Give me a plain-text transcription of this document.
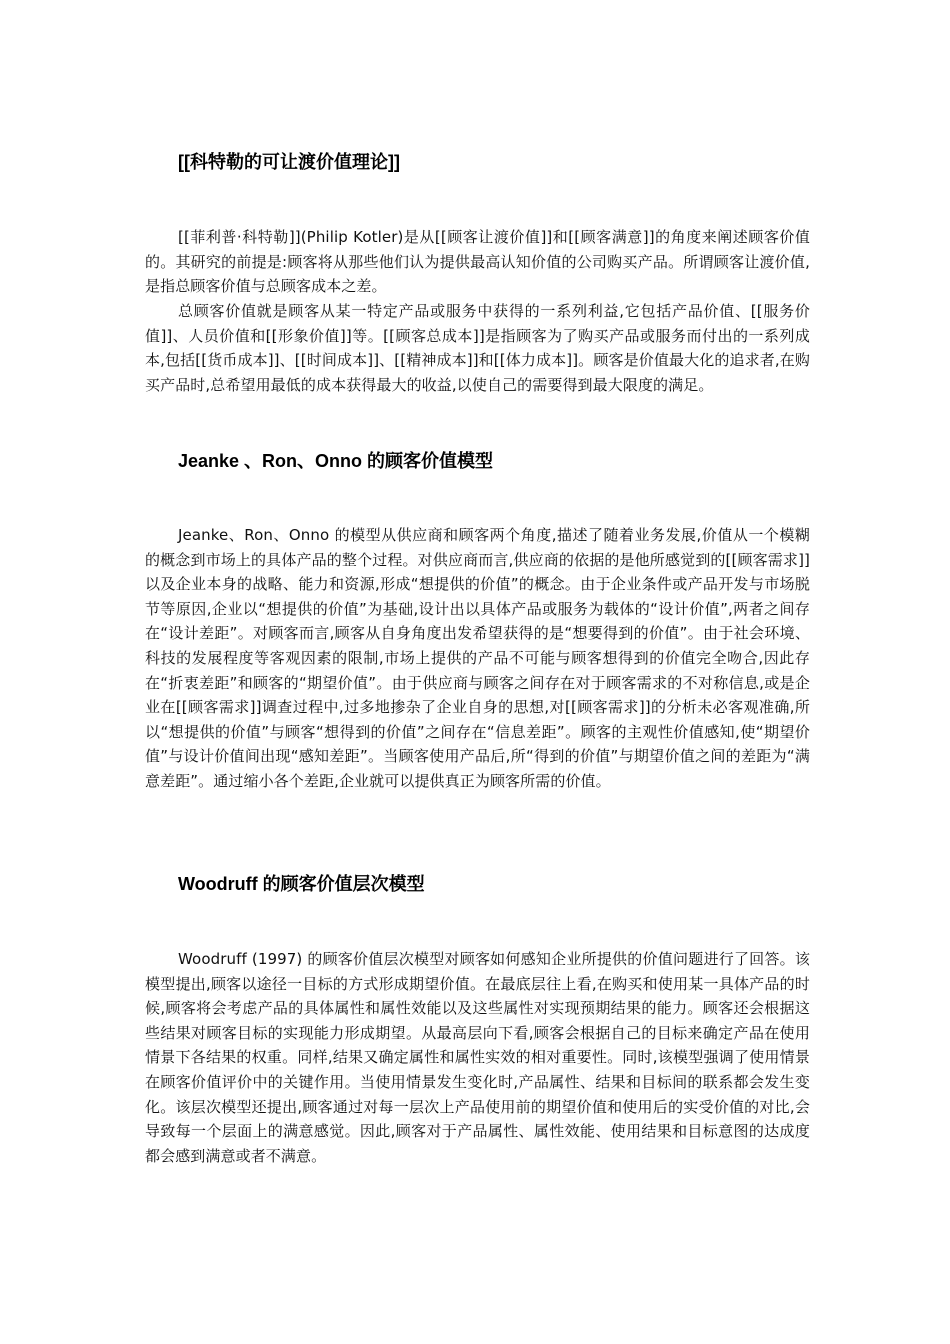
[[科特勒的可让渡价值理论]]

[[菲利普·科特勒]](Philip Kotler)是从[[顾客让渡价值]]和[[顾客满意]]的角度来阐述顾客价值的。其研究的前提是:顾客将从那些他们认为提供最高认知价值的公司购买产品。所谓顾客让渡价值,是指总顾客价值与总顾客成本之差。

总顾客价值就是顾客从某一特定产品或服务中获得的一系列利益,它包括产品价值、[[服务价值]]、人员价值和[[形象价值]]等。[[顾客总成本]]是指顾客为了购买产品或服务而付出的一系列成本,包括[[货币成本]]、[[时间成本]]、[[精神成本]]和[[体力成本]]。顾客是价值最大化的追求者,在购买产品时,总希望用最低的成本获得最大的收益,以使自己的需要得到最大限度的满足。

Jeanke 、Ron、Onno 的顾客价值模型

Jeanke、Ron、Onno 的模型从供应商和顾客两个角度,描述了随着业务发展,价值从一个模糊的概念到市场上的具体产品的整个过程。对供应商而言,供应商的依据的是他所感觉到的[[顾客需求]]以及企业本身的战略、能力和资源,形成“想提供的价值”的概念。由于企业条件或产品开发与市场脱节等原因,企业以“想提供的价值”为基础,设计出以具体产品或服务为载体的“设计价值”,两者之间存在“设计差距”。对顾客而言,顾客从自身角度出发希望获得的是“想要得到的价值”。由于社会环境、科技的发展程度等客观因素的限制,市场上提供的产品不可能与顾客想得到的价值完全吻合,因此存在“折衷差距”和顾客的“期望价值”。由于供应商与顾客之间存在对于顾客需求的不对称信息,或是企业在[[顾客需求]]调查过程中,过多地掺杂了企业自身的思想,对[[顾客需求]]的分析未必客观准确,所以“想提供的价值”与顾客“想得到的价值”之间存在“信息差距”。顾客的主观性价值感知,使“期望价值”与设计价值间出现“感知差距”。当顾客使用产品后,所“得到的价值”与期望价值之间的差距为“满意差距”。通过缩小各个差距,企业就可以提供真正为顾客所需的价值。

Woodruff 的顾客价值层次模型

Woodruff (1997) 的顾客价值层次模型对顾客如何感知企业所提供的价值问题进行了回答。该模型提出,顾客以途径一目标的方式形成期望价值。在最底层往上看,在购买和使用某一具体产品的时候,顾客将会考虑产品的具体属性和属性效能以及这些属性对实现预期结果的能力。顾客还会根据这些结果对顾客目标的实现能力形成期望。从最高层向下看,顾客会根据自己的目标来确定产品在使用情景下各结果的权重。同样,结果又确定属性和属性实效的相对重要性。同时,该模型强调了使用情景在顾客价值评价中的关键作用。当使用情景发生变化时,产品属性、结果和目标间的联系都会发生变化。该层次模型还提出,顾客通过对每一层次上产品使用前的期望价值和使用后的实受价值的对比,会导致每一个层面上的满意感觉。因此,顾客对于产品属性、属性效能、使用结果和目标意图的达成度都会感到满意或者不满意。
